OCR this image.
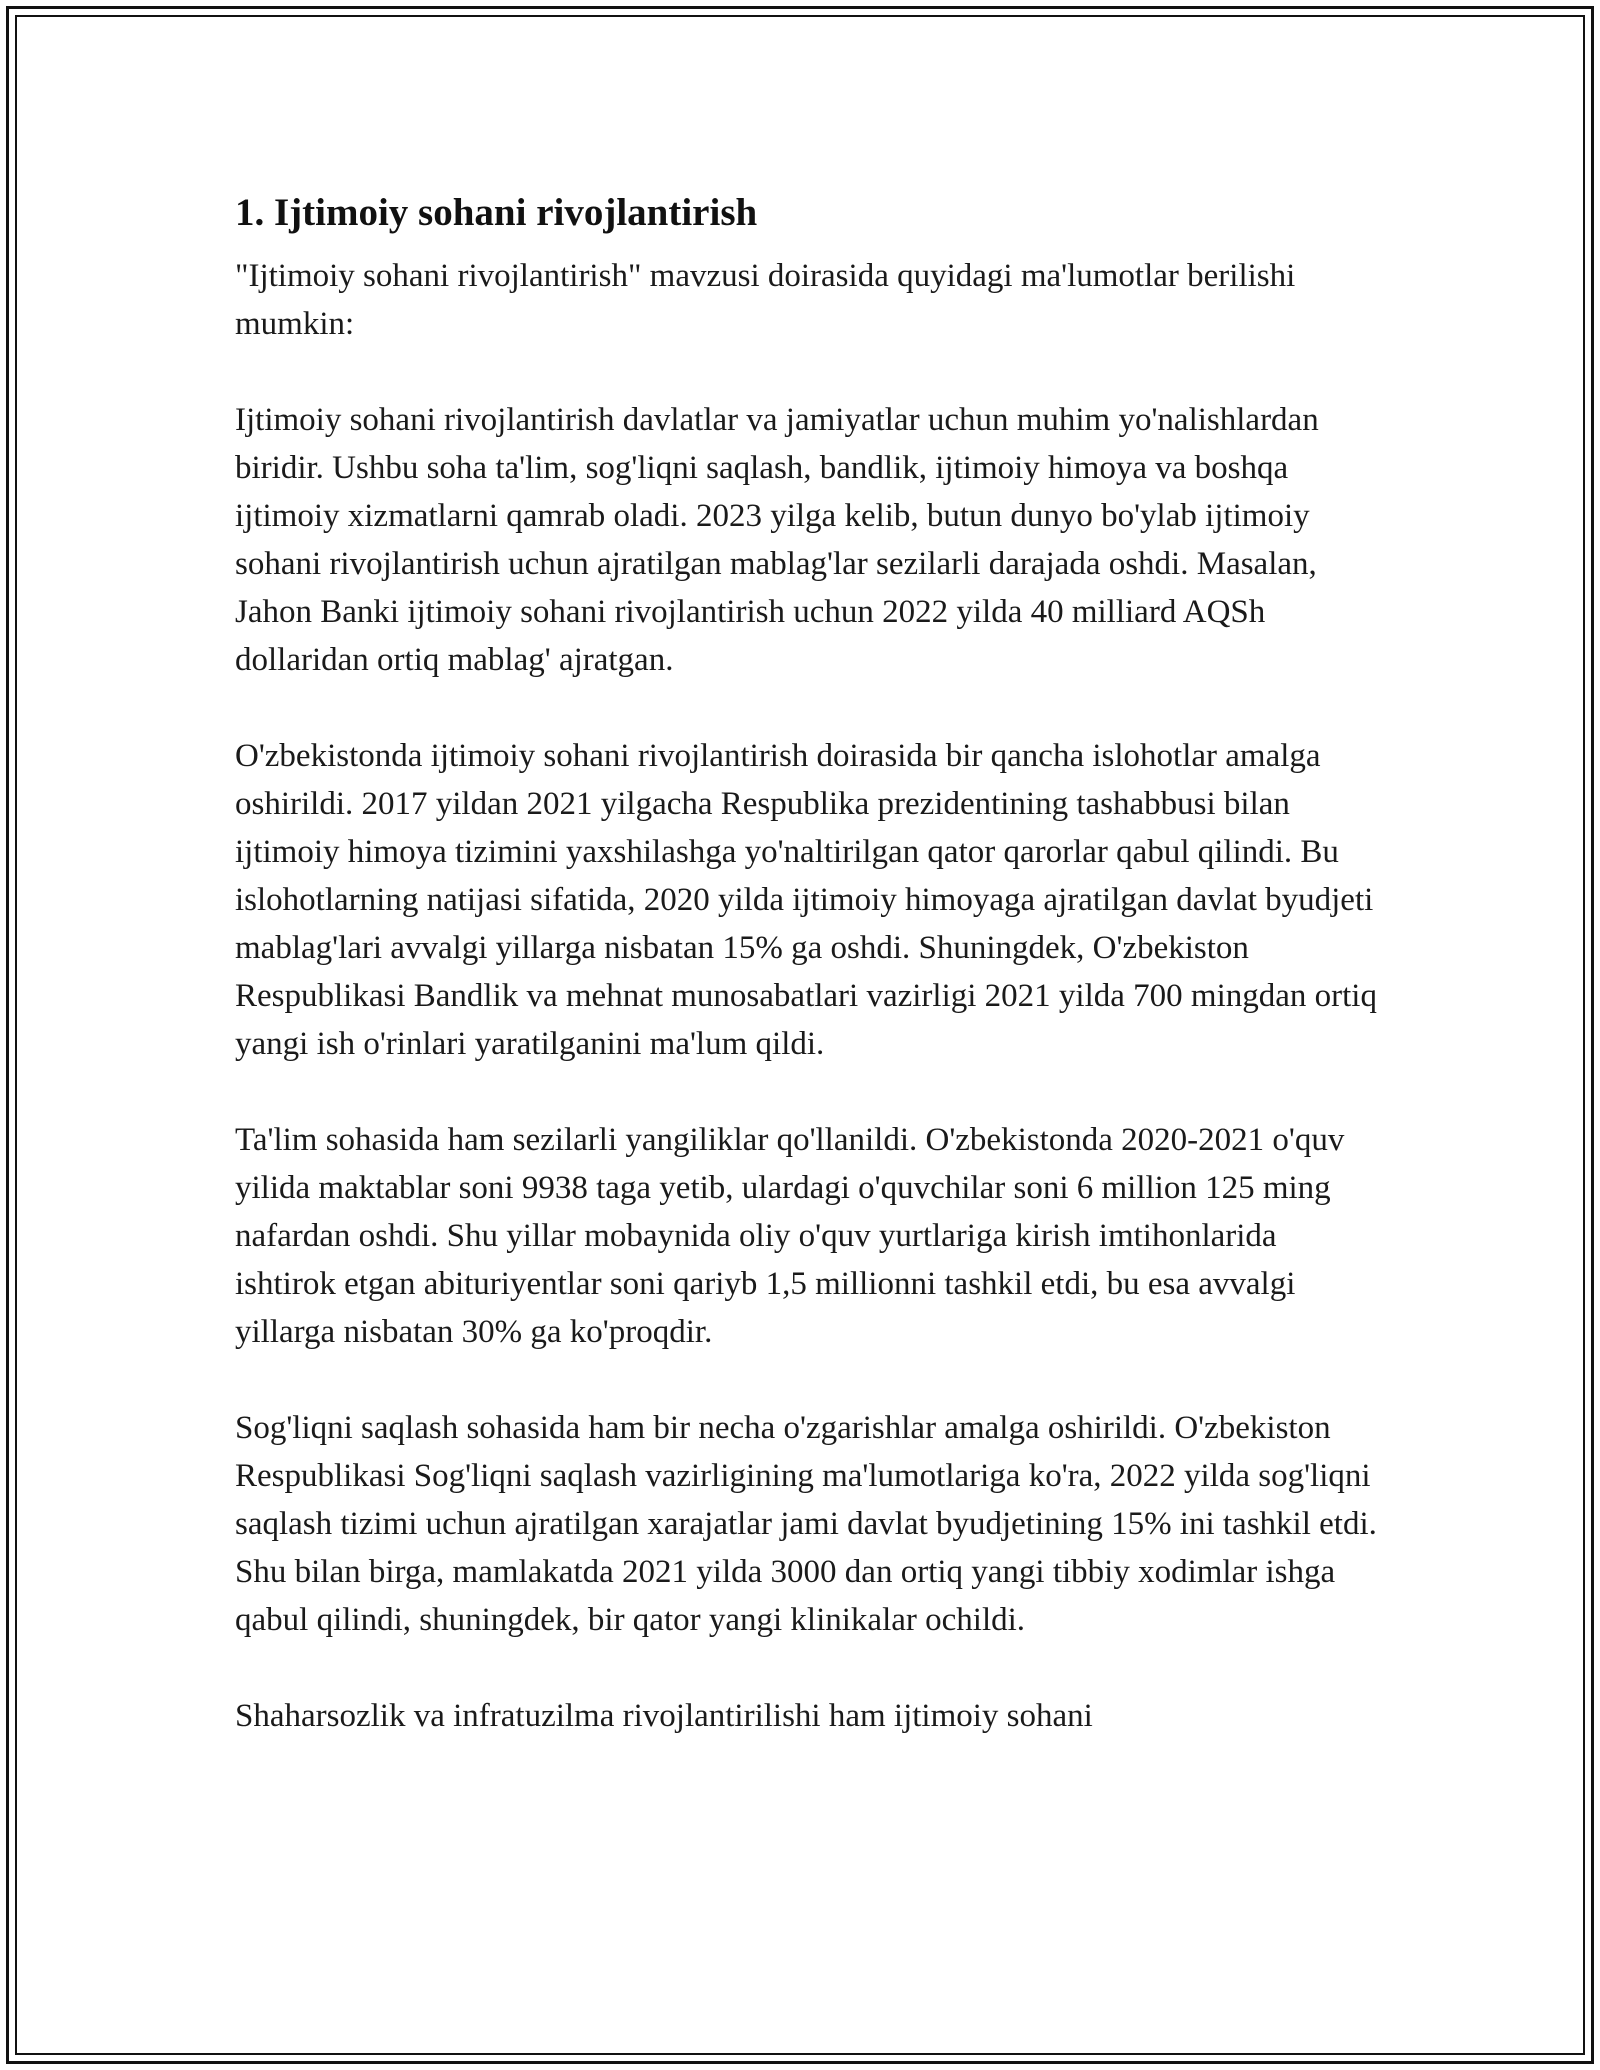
1. Ijtimoiy sohani rivojlantirish

"Ijtimoiy sohani rivojlantirish" mavzusi doirasida quyidagi ma'lumotlar berilishi mumkin:

Ijtimoiy sohani rivojlantirish davlatlar va jamiyatlar uchun muhim yo'nalishlardan biridir. Ushbu soha ta'lim, sog'liqni saqlash, bandlik, ijtimoiy himoya va boshqa ijtimoiy xizmatlarni qamrab oladi. 2023 yilga kelib, butun dunyo bo'ylab ijtimoiy sohani rivojlantirish uchun ajratilgan mablag'lar sezilarli darajada oshdi. Masalan, Jahon Banki ijtimoiy sohani rivojlantirish uchun 2022 yilda 40 milliard AQSh dollaridan ortiq mablag' ajratgan.

O'zbekistonda ijtimoiy sohani rivojlantirish doirasida bir qancha islohotlar amalga oshirildi. 2017 yildan 2021 yilgacha Respublika prezidentining tashabbusi bilan ijtimoiy himoya tizimini yaxshilashga yo'naltirilgan qator qarorlar qabul qilindi. Bu islohotlarning natijasi sifatida, 2020 yilda ijtimoiy himoyaga ajratilgan davlat byudjeti mablag'lari avvalgi yillarga nisbatan 15% ga oshdi. Shuningdek, O'zbekiston Respublikasi Bandlik va mehnat munosabatlari vazirligi 2021 yilda 700 mingdan ortiq yangi ish o'rinlari yaratilganini ma'lum qildi.

Ta'lim sohasida ham sezilarli yangiliklar qo'llanildi. O'zbekistonda 2020-2021 o'quv yilida maktablar soni 9938 taga yetib, ulardagi o'quvchilar soni 6 million 125 ming nafardan oshdi. Shu yillar mobaynida oliy o'quv yurtlariga kirish imtihonlarida ishtirok etgan abituriyentlar soni qariyb 1,5 millionni tashkil etdi, bu esa avvalgi yillarga nisbatan 30% ga ko'proqdir.

Sog'liqni saqlash sohasida ham bir necha o'zgarishlar amalga oshirildi. O'zbekiston Respublikasi Sog'liqni saqlash vazirligining ma'lumotlariga ko'ra, 2022 yilda sog'liqni saqlash tizimi uchun ajratilgan xarajatlar jami davlat byudjetining 15% ini tashkil etdi. Shu bilan birga, mamlakatda 2021 yilda 3000 dan ortiq yangi tibbiy xodimlar ishga qabul qilindi, shuningdek, bir qator yangi klinikalar ochildi.

Shaharsozlik va infratuzilma rivojlantirilishi ham ijtimoiy sohani
